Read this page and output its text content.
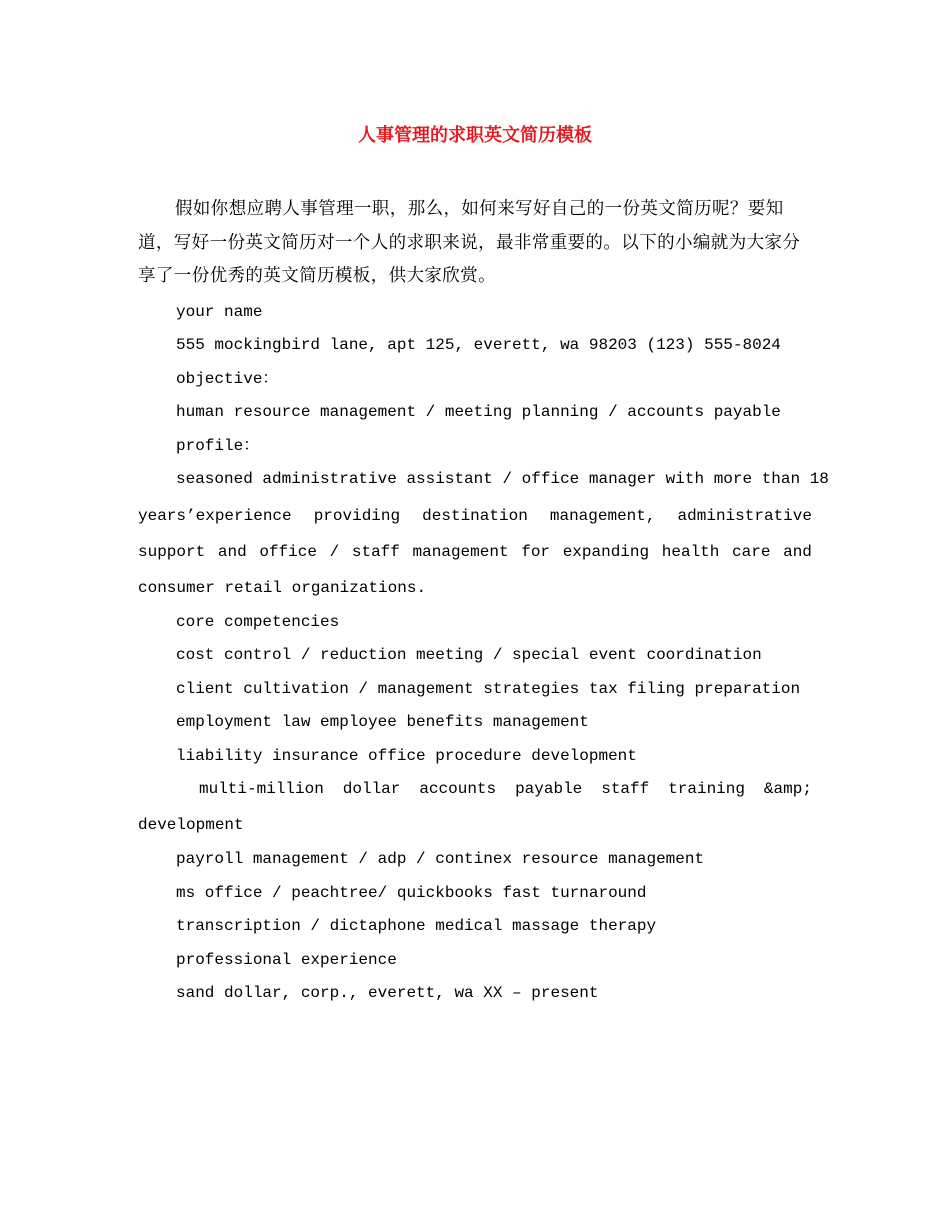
人事管理的求职英文简历模板

假如你想应聘人事管理一职，那么，如何来写好自己的一份英文简历呢？要知道，写好一份英文简历对一个人的求职来说，最非常重要的。以下的小编就为大家分享了一份优秀的英文简历模板，供大家欣赏。

your name

555 mockingbird lane, apt 125, everett, wa 98203 (123) 555-8024

objective：

human resource management / meeting planning / accounts payable

profile：

seasoned administrative assistant / office manager with more than 18

years’experience providing destination management, administrative

support and office / staff management for expanding health care and

consumer retail organizations.

core competencies

cost control / reduction meeting / special event coordination

client cultivation / management strategies tax filing preparation

employment law employee benefits management

liability insurance office procedure development

multi-million dollar accounts payable staff training &amp;

development

payroll management / adp / continex resource management

ms office / peachtree/ quickbooks fast turnaround

transcription / dictaphone medical massage therapy

professional experience

sand dollar, corp., everett, wa XX – present
